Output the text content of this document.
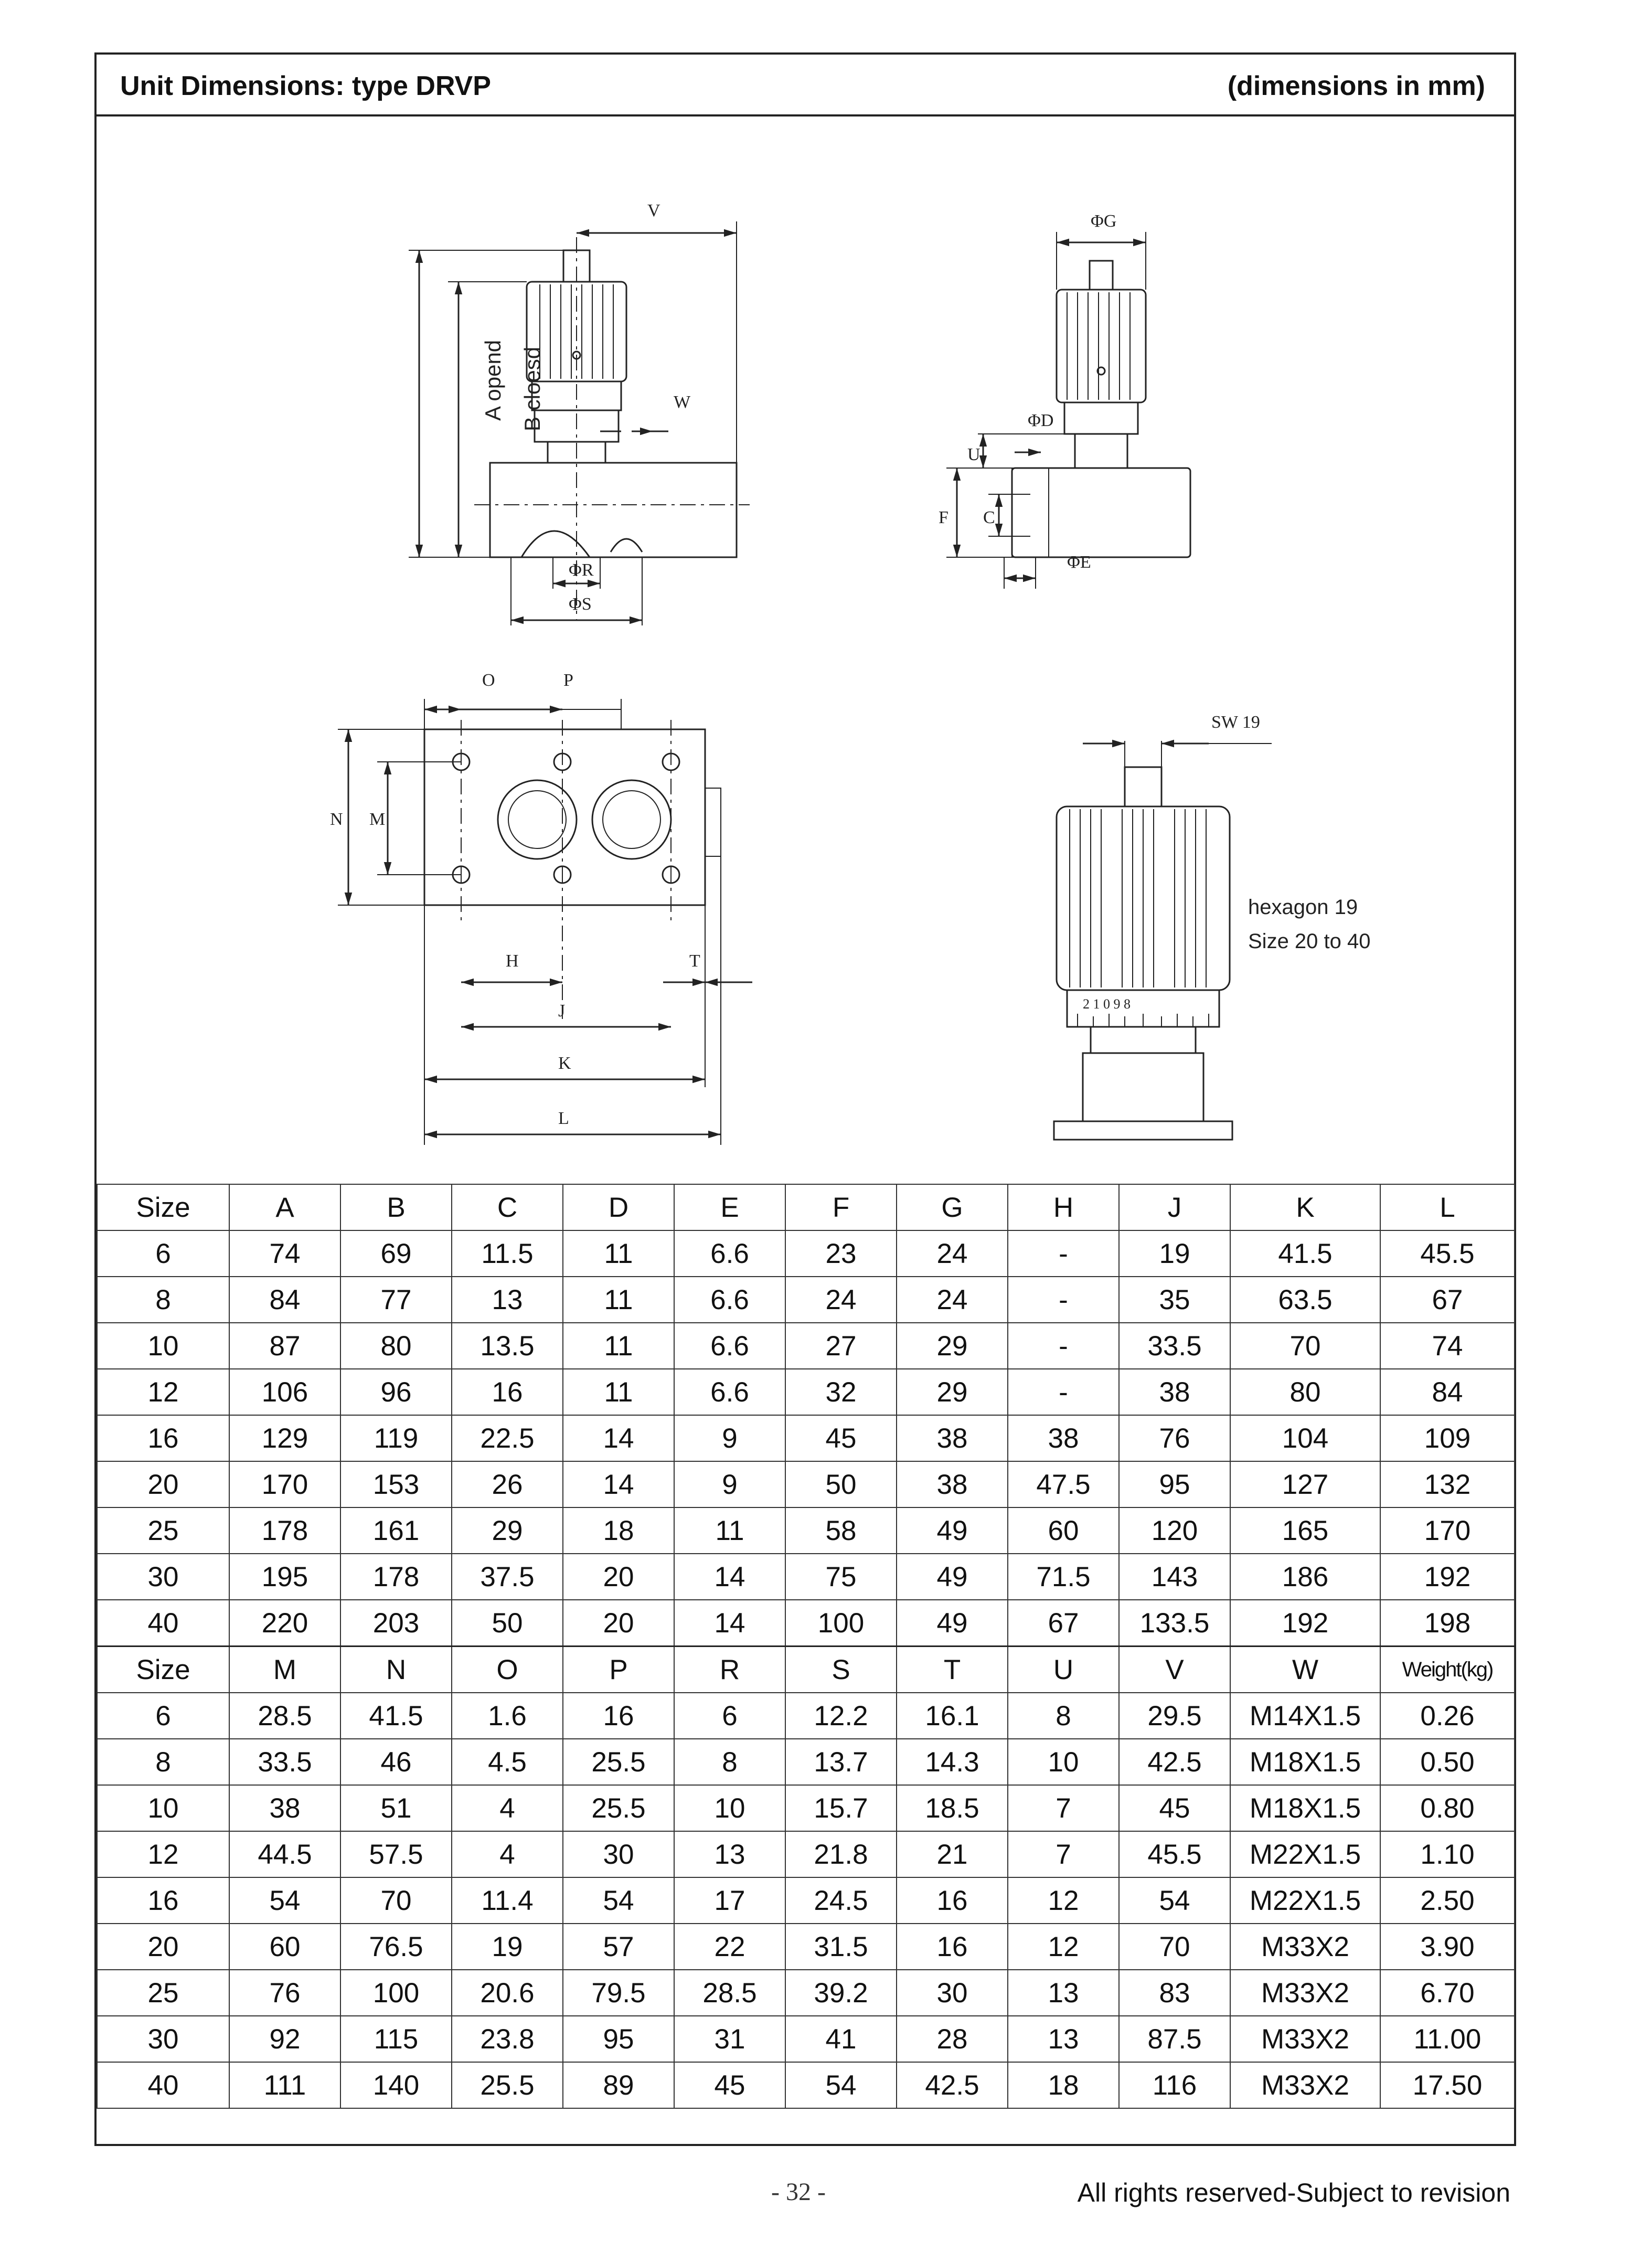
Unit Dimensions: type DRVP	(dimensions in mm)
A opend B cloesd
V
W
ΦR
ΦS
ΦG
ΦD
U
F C
ΦE
O	P
N M
H	T
J
K
L
SW 19
hexagon 19
Size 20 to 40
2 1 0 9 8
Size	A	B	C	D	E	F	G	H	J	K	L
6	74	69	11.5	11	6.6	23	24	-	19	41.5	45.5
8	84	77	13	11	6.6	24	24	-	35	63.5	67
10	87	80	13.5	11	6.6	27	29	-	33.5	70	74
12	106	96	16	11	6.6	32	29	-	38	80	84
16	129	119	22.5	14	9	45	38	38	76	104	109
20	170	153	26	14	9	50	38	47.5	95	127	132
25	178	161	29	18	11	58	49	60	120	165	170
30	195	178	37.5	20	14	75	49	71.5	143	186	192
40	220	203	50	20	14	100	49	67	133.5	192	198
Size	M	N	O	P	R	S	T	U	V	W	Weight(kg)
6	28.5	41.5	1.6	16	6	12.2	16.1	8	29.5	M14X1.5	0.26
8	33.5	46	4.5	25.5	8	13.7	14.3	10	42.5	M18X1.5	0.50
10	38	51	4	25.5	10	15.7	18.5	7	45	M18X1.5	0.80
12	44.5	57.5	4	30	13	21.8	21	7	45.5	M22X1.5	1.10
16	54	70	11.4	54	17	24.5	16	12	54	M22X1.5	2.50
20	60	76.5	19	57	22	31.5	16	12	70	M33X2	3.90
25	76	100	20.6	79.5	28.5	39.2	30	13	83	M33X2	6.70
30	92	115	23.8	95	31	41	28	13	87.5	M33X2	11.00
40	111	140	25.5	89	45	54	42.5	18	116	M33X2	17.50
- 32 -	All rights reserved-Subject to revision
